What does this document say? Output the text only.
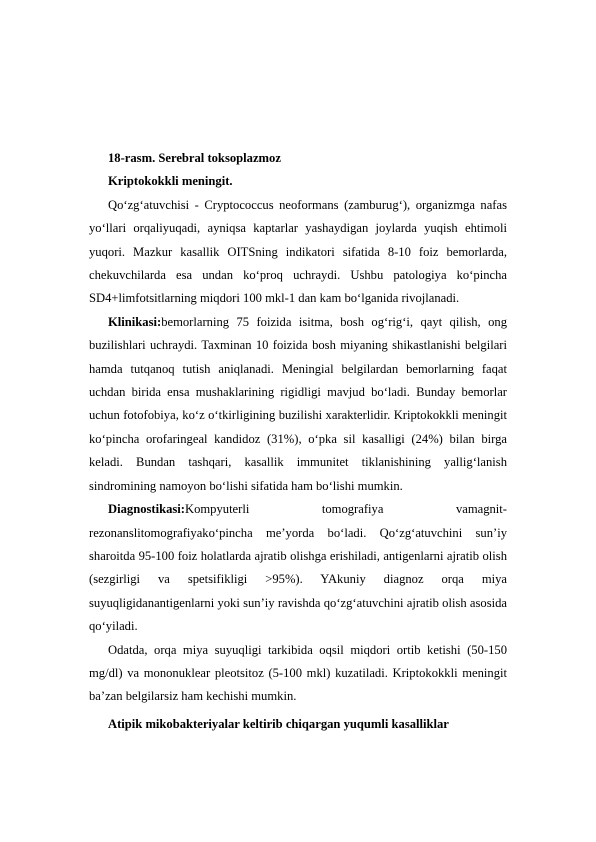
18-rasm. Serebral toksoplazmoz

Kriptokokkli meningit.

Qo‘zg‘atuvchisi - Cryptococcus neoformans (zamburug‘), organizmga nafas yo‘llari orqaliyuqadi, ayniqsa kaptarlar yashaydigan joylarda yuqish ehtimoli yuqori. Mazkur kasallik OITSning indikatori sifatida 8-10 foiz bemorlarda, chekuvchilarda esa undan ko‘proq uchraydi. Ushbu patologiya ko‘pincha SD4+limfotsitlarning miqdori 100 mkl-1 dan kam bo‘lganida rivojlanadi.

Klinikasi:bemorlarning 75 foizida isitma, bosh og‘rig‘i, qayt qilish, ong buzilishlari uchraydi. Taxminan 10 foizida bosh miyaning shikastlanishi belgilari hamda tutqanoq tutish aniqlanadi. Meningial belgilardan bemorlarning faqat uchdan birida ensa mushaklarining rigidligi mavjud bo‘ladi. Bunday bemorlar uchun fotofobiya, ko‘z o‘tkirligining buzilishi xarakterlidir. Kriptokokkli meningit ko‘pincha orofaringeal kandidoz (31%), o‘pka sil kasalligi (24%) bilan birga keladi. Bundan tashqari, kasallik immunitet tiklanishining yallig‘lanish sindromining namoyon bo‘lishi sifatida ham bo‘lishi mumkin.

Diagnostikasi:Kompyuterli tomografiya vamagnit-rezonanslitomografiyako‘pincha me’yorda bo‘ladi. Qo‘zg‘atuvchini sun’iy sharoitda 95-100 foiz holatlarda ajratib olishga erishiladi, antigenlarni ajratib olish (sezgirligi va spetsifikligi >95%). YAkuniy diagnoz orqa miya suyuqligidanantigenlarni yoki sun’iy ravishda qo‘zg‘atuvchini ajratib olish asosida qo‘yiladi.

Odatda, orqa miya suyuqligi tarkibida oqsil miqdori ortib ketishi (50-150 mg/dl) va mononuklear pleotsitoz (5-100 mkl) kuzatiladi. Kriptokokkli meningit ba’zan belgilarsiz ham kechishi mumkin.

Atipik mikobakteriyalar keltirib chiqargan yuqumli kasalliklar
